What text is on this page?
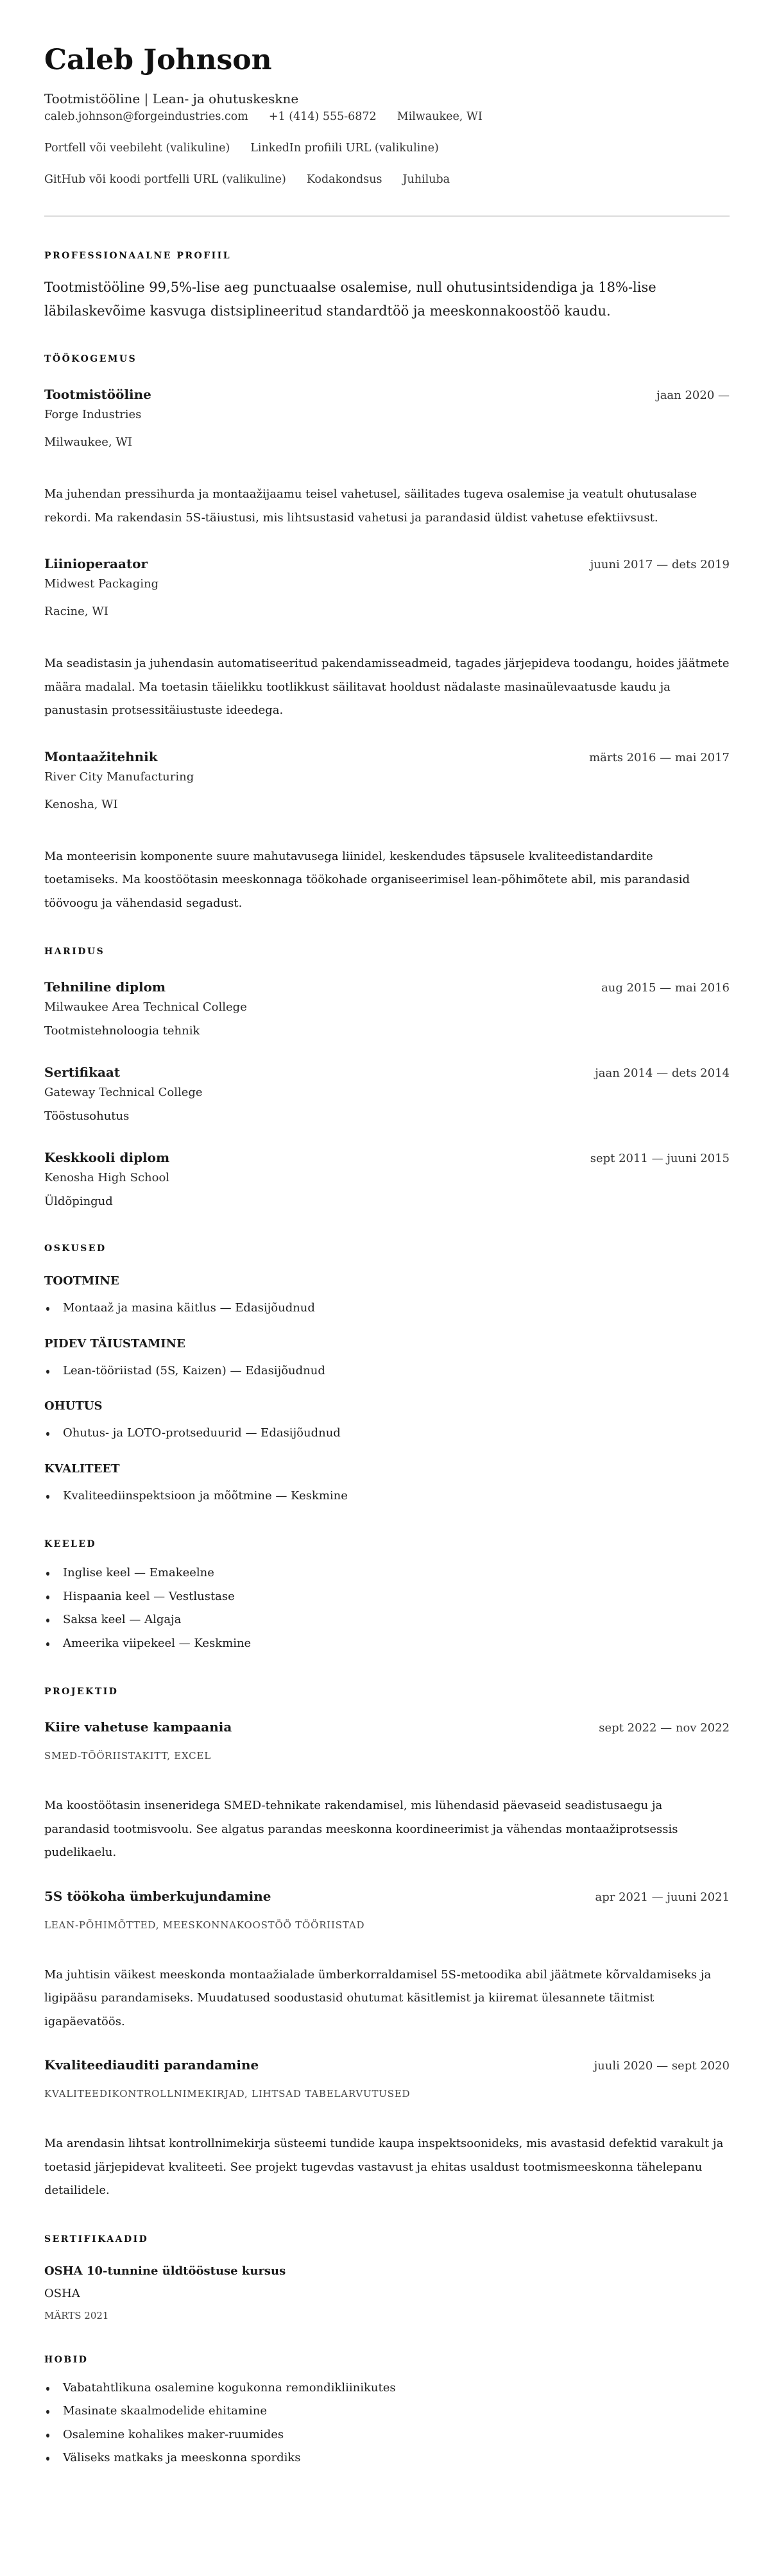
Caleb Johnson
Tootmistööline | Lean- ja ohutuskeskne
caleb.johnson@forgeindustries.com +1 (414) 555-6872 Milwaukee, WI
Portfell või veebileht (valikuline) LinkedIn profiili URL (valikuline)
GitHub või koodi portfelli URL (valikuline) Kodakondsus Juhiluba
PROFESSIONAALNE PROFIIL

Tootmistööline 99,5%-lise aeg punctuaalse osalemise, null ohutusintsidendiga ja 18%-lise läbilaskevõime kasvuga distsiplineeritud standardtöö ja meeskonnakoostöö kaudu.

TÖÖKOGEMUS
Tootmistööline	jaan 2020 —
Forge Industries
Milwaukee, WI

Ma juhendan pressihurda ja montaažijaamu teisel vahetusel, säilitades tugeva osalemise ja veatult ohutusalase rekordi. Ma rakendasin 5S-täiustusi, mis lihtsustasid vahetusi ja parandasid üldist vahetuse efektiivsust.

Liinioperaator	juuni 2017 — dets 2019
Midwest Packaging
Racine, WI

Ma seadistasin ja juhendasin automatiseeritud pakendamisseadmeid, tagades järjepideva toodangu, hoides jäätmete määra madalal. Ma toetasin täielikku tootlikkust säilitavat hooldust nädalaste masinaülevaatusde kaudu ja panustasin protsessitäiustuste ideedega.

Montaažitehnik	märts 2016 — mai 2017
River City Manufacturing
Kenosha, WI

Ma monteerisin komponente suure mahutavusega liinidel, keskendudes täpsusele kvaliteedistandardite toetamiseks. Ma koostöötasin meeskonnaga töökohade organiseerimisel lean-põhimõtete abil, mis parandasid töövoogu ja vähendasid segadust.

HARIDUS
Tehniline diplom	aug 2015 — mai 2016
Milwaukee Area Technical College
Tootmistehnoloogia tehnik
Sertifikaat	jaan 2014 — dets 2014
Gateway Technical College
Tööstusohutus
Keskkooli diplom	sept 2011 — juuni 2015
Kenosha High School
Üldõpingud
OSKUSED
TOOTMINE
Montaaž ja masina käitlus — Edasijõudnud
PIDEV TÄIUSTAMINE
Lean-tööriistad (5S, Kaizen) — Edasijõudnud
OHUTUS
Ohutus- ja LOTO-protseduurid — Edasijõudnud
KVALITEET
Kvaliteediinspektsioon ja mõõtmine — Keskmine
KEELED
Inglise keel — Emakeelne
Hispaania keel — Vestlustase
Saksa keel — Algaja
Ameerika viipekeel — Keskmine
PROJEKTID
Kiire vahetuse kampaania	sept 2022 — nov 2022
SMED-TÖÖRIISTAKITT, EXCEL

Ma koostöötasin inseneridega SMED-tehnikate rakendamisel, mis lühendasid päevaseid seadistusaegu ja parandasid tootmisvoolu. See algatus parandas meeskonna koordineerimist ja vähendas montaažiprotsessis pudelikaelu.

5S töökoha ümberkujundamine	apr 2021 — juuni 2021
LEAN-PÕHIMÕTTED, MEESKONNAKOOSTÖÖ TÖÖRIISTAD

Ma juhtisin väikest meeskonda montaažialade ümberkorraldamisel 5S-metoodika abil jäätmete kõrvaldamiseks ja ligipääsu parandamiseks. Muudatused soodustasid ohutumat käsitlemist ja kiiremat ülesannete täitmist igapäevatöös.

Kvaliteediauditi parandamine	juuli 2020 — sept 2020
KVALITEEDIKONTROLLNIMEKIRJAD, LIHTSAD TABELARVUTUSED

Ma arendasin lihtsat kontrollnimekirja süsteemi tundide kaupa inspektsoonideks, mis avastasid defektid varakult ja toetasid järjepidevat kvaliteeti. See projekt tugevdas vastavust ja ehitas usaldust tootmismeeskonna tähelepanu detailidele.

SERTIFIKAADID
OSHA 10-tunnine üldtööstuse kursus
OSHA
MÄRTS 2021
HOBID
Vabatahtlikuna osalemine kogukonna remondikliinikutes
Masinate skaalmodelide ehitamine
Osalemine kohalikes maker-ruumides
Väliseks matkaks ja meeskonna spordiks
